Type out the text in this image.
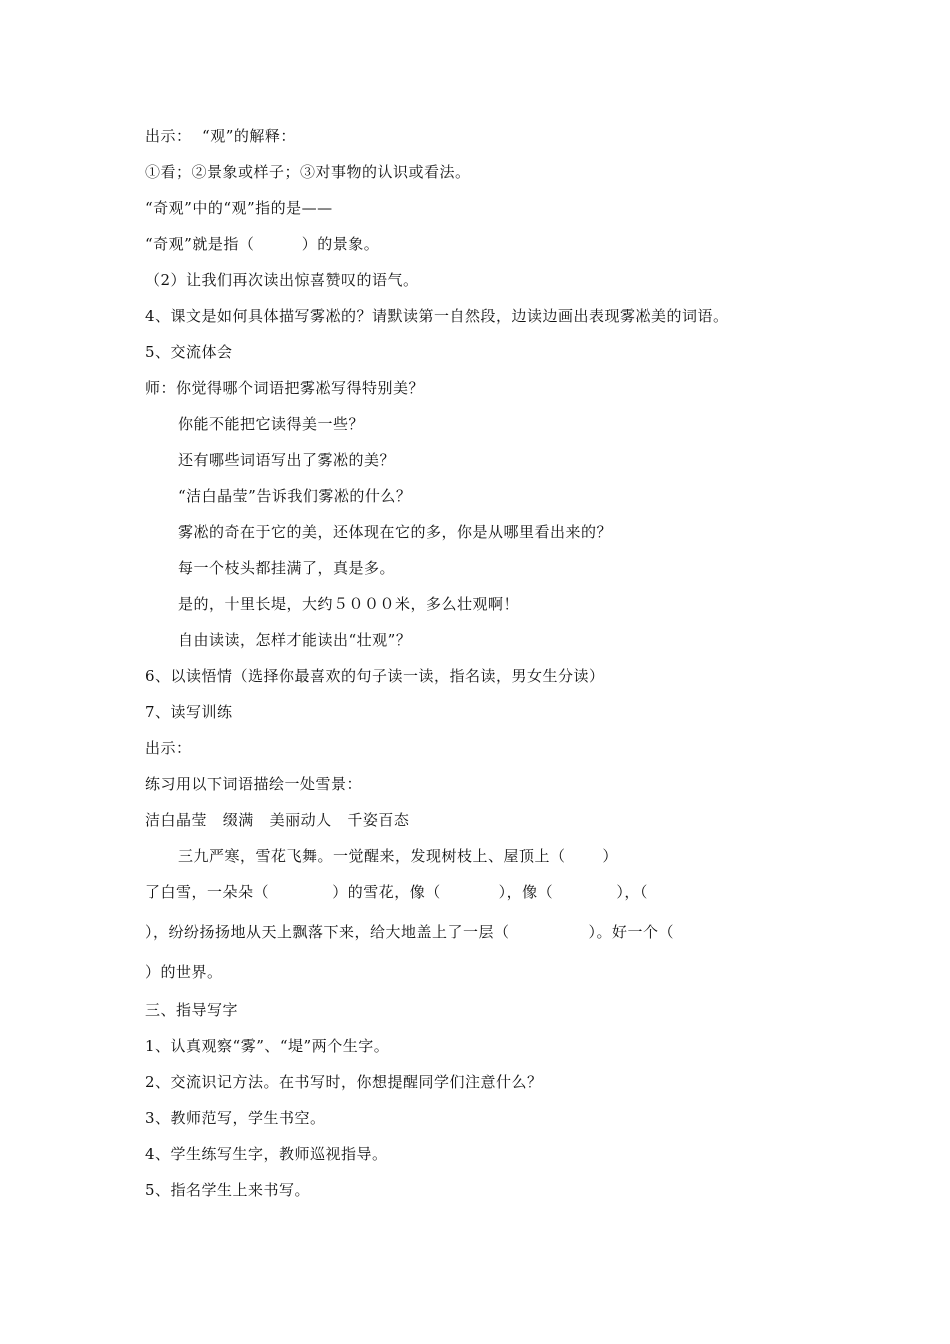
出示：  “观”的解释：

①看；②景象或样子；③对事物的认识或看法。

“奇观”中的“观”指的是——

“奇观”就是指（         ）的景象。

（2）让我们再次读出惊喜赞叹的语气。

4、课文是如何具体描写雾凇的？请默读第一自然段，边读边画出表现雾凇美的词语。

5、交流体会

师：你觉得哪个词语把雾凇写得特别美？

你能不能把它读得美一些？

还有哪些词语写出了雾凇的美？

“洁白晶莹”告诉我们雾凇的什么？

雾凇的奇在于它的美，还体现在它的多，你是从哪里看出来的？

每一个枝头都挂满了，真是多。

是的，十里长堤，大约５０００米，多么壮观啊！

自由读读，怎样才能读出“壮观”？

6、以读悟情（选择你最喜欢的句子读一读，指名读，男女生分读）

7、读写训练

出示：

练习用以下词语描绘一处雪景：

洁白晶莹   缀满   美丽动人   千姿百态

三九严寒，雪花飞舞。一觉醒来，发现树枝上、屋顶上（       ）

了白雪，一朵朵（            ）的雪花，像（           ），像（            ），（

），纷纷扬扬地从天上飘落下来，给大地盖上了一层（               ）。好一个（

）的世界。

三、指导写字

1、认真观察“雾”、“堤”两个生字。

2、交流识记方法。在书写时，你想提醒同学们注意什么？

3、教师范写，学生书空。

4、学生练写生字，教师巡视指导。

5、指名学生上来书写。
